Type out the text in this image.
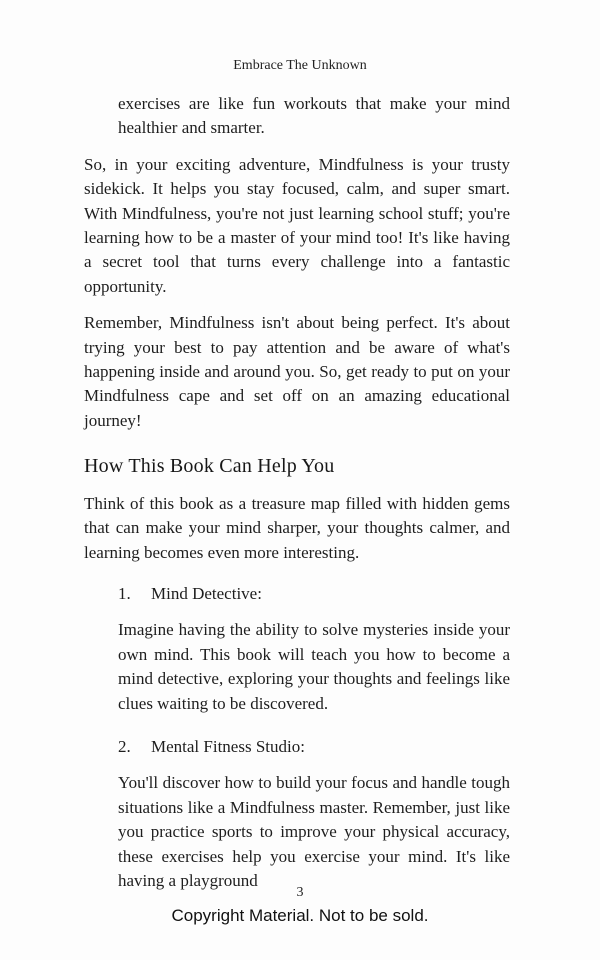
Embrace The Unknown

exercises are like fun workouts that make your mind healthier and smarter.

So, in your exciting adventure, Mindfulness is your trusty sidekick. It helps you stay focused, calm, and super smart. With Mindfulness, you're not just learning school stuff; you're learning how to be a master of your mind too! It's like having a secret tool that turns every challenge into a fantastic opportunity.

Remember, Mindfulness isn't about being perfect. It's about trying your best to pay attention and be aware of what's happening inside and around you. So, get ready to put on your Mindfulness cape and set off on an amazing educational journey!

How This Book Can Help You

Think of this book as a treasure map filled with hidden gems that can make your mind sharper, your thoughts calmer, and learning becomes even more interesting.

1. Mind Detective:

Imagine having the ability to solve mysteries inside your own mind. This book will teach you how to become a mind detective, exploring your thoughts and feelings like clues waiting to be discovered.

2. Mental Fitness Studio:

You'll discover how to build your focus and handle tough situations like a Mindfulness master. Remember, just like you practice sports to improve your physical accuracy, these exercises help you exercise your mind. It's like having a playground

3
Copyright Material. Not to be sold.
